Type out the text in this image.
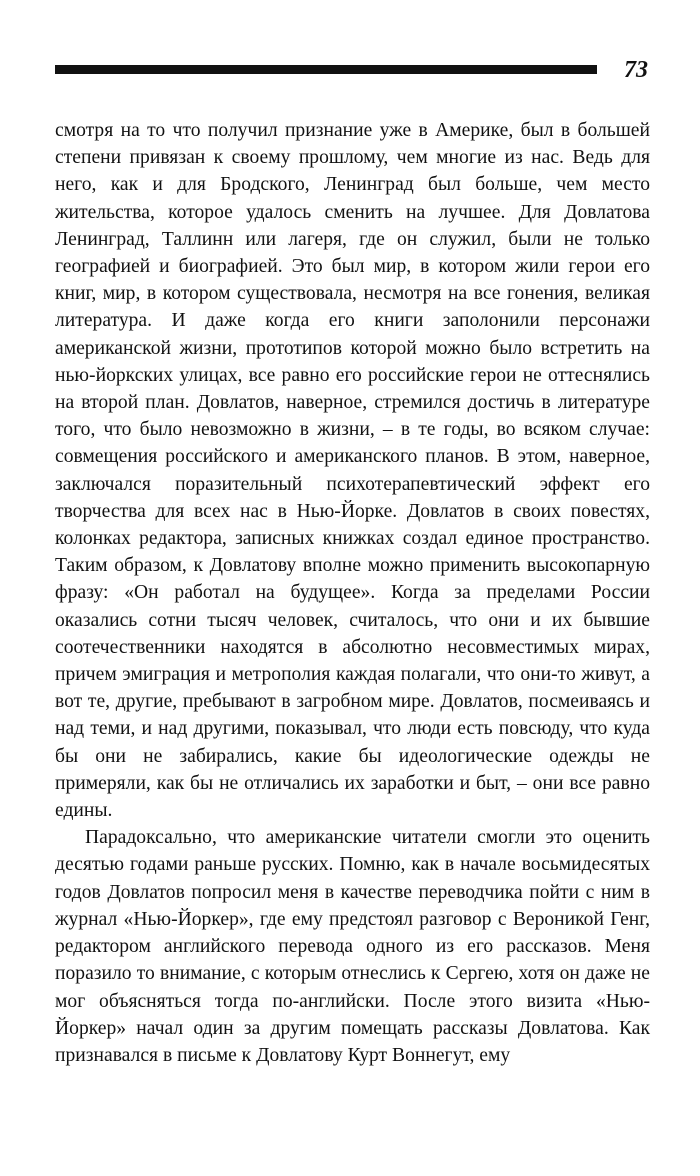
73

смотря на то что получил признание уже в Америке, был в большей степени привязан к своему прошлому, чем многие из нас. Ведь для него, как и для Бродского, Ленинград был больше, чем место жительства, которое удалось сменить на лучшее. Для Довлатова Ленинград, Таллинн или лагеря, где он служил, были не только географией и биографией. Это был мир, в котором жили герои его книг, мир, в котором существовала, несмотря на все гонения, великая литература. И даже когда его книги заполонили персонажи американской жизни, прототипов которой можно было встретить на нью-йоркских улицах, все равно его российские герои не оттеснялись на второй план. Довлатов, наверное, стремился достичь в литературе того, что было невозможно в жизни, – в те годы, во всяком случае: совмещения российского и американского планов. В этом, наверное, заключался поразительный психотерапевтический эффект его творчества для всех нас в Нью-Йорке. Довлатов в своих повестях, колонках редактора, записных книжках создал единое пространство. Таким образом, к Довлатову вполне можно применить высокопарную фразу: «Он работал на будущее». Когда за пределами России оказались сотни тысяч человек, считалось, что они и их бывшие соотечественники находятся в абсолютно несовместимых мирах, причем эмиграция и метрополия каждая полагали, что они-то живут, а вот те, другие, пребывают в загробном мире. Довлатов, посмеиваясь и над теми, и над другими, показывал, что люди есть повсюду, что куда бы они не забирались, какие бы идеологические одежды не примеряли, как бы не отличались их заработки и быт, – они все равно едины.

Парадоксально, что американские читатели смогли это оценить десятью годами раньше русских. Помню, как в начале восьмидесятых годов Довлатов попросил меня в качестве переводчика пойти с ним в журнал «Нью-Йоркер», где ему предстоял разговор с Вероникой Генг, редактором английского перевода одного из его рассказов. Меня поразило то внимание, с которым отнеслись к Сергею, хотя он даже не мог объясняться тогда по-английски. После этого визита «Нью-Йоркер» начал один за другим помещать рассказы Довлатова. Как признавался в письме к Довлатову Курт Воннегут, ему
